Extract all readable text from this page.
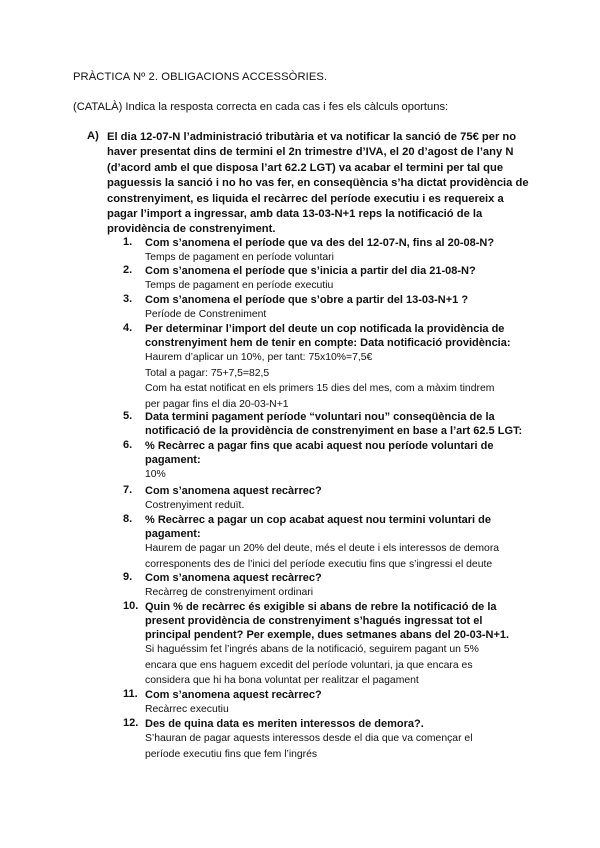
PRÀCTICA Nº 2. OBLIGACIONS ACCESSÒRIES.
(CATALÀ) Indica la resposta correcta en cada cas i fes els càlculs oportuns:
A) El dia 12-07-N l’administració tributària et va notificar la sanció de 75€ per no
haver presentat dins de termini el 2n trimestre d’IVA, el 20 d’agost de l’any N
(d’acord amb el que disposa l’art 62.2 LGT) va acabar el termini per tal que
paguessis la sanció i no ho vas fer, en conseqüència s’ha dictat providència de
constrenyiment, es liquida el recàrrec del període executiu i es requereix a
pagar l’import a ingressar, amb data 13-03-N+1 reps la notificació de la
providència de constrenyiment.
1. Com s’anomena el període que va des del 12-07-N, fins al 20-08-N?
Temps de pagament en període voluntari
2. Com s’anomena el període que s’inicia a partir del dia 21-08-N?
Temps de pagament en període executiu
3. Com s’anomena el període que s’obre a partir del 13-03-N+1 ?
Període de Constreniment
4. Per determinar l’import del deute un cop notificada la providència de
constrenyiment hem de tenir en compte: Data notificació providència:
Haurem d’aplicar un 10%, per tant: 75x10%=7,5€
Total a pagar: 75+7,5=82,5
Com ha estat notificat en els primers 15 dies del mes, com a màxim tindrem
per pagar fins el dia 20-03-N+1
5. Data termini pagament període “voluntari nou” conseqüència de la
notificació de la providència de constrenyiment en base a l’art 62.5 LGT:
6. % Recàrrec a pagar fins que acabi aquest nou període voluntari de
pagament:
10%
7. Com s’anomena aquest recàrrec?
Costrenyiment reduït.
8. % Recàrrec a pagar un cop acabat aquest nou termini voluntari de
pagament:
Haurem de pagar un 20% del deute, més el deute i els interessos de demora
corresponents des de l’inici del període executiu fins que s’ingressi el deute
9. Com s’anomena aquest recàrrec?
Recàrreg de constrenyiment ordinari
10. Quin % de recàrrec és exigible si abans de rebre la notificació de la
present providència de constrenyiment s’hagués ingressat tot el
principal pendent? Per exemple, dues setmanes abans del 20-03-N+1.
Si haguéssim fet l’ingrés abans de la notificació, seguirem pagant un 5%
encara que ens haguem excedit del període voluntari, ja que encara es
considera que hi ha bona voluntat per realitzar el pagament
11. Com s’anomena aquest recàrrec?
Recàrrec executiu
12. Des de quina data es meriten interessos de demora?.
S’hauran de pagar aquests interessos desde el dia que va començar el
període executiu fins que fem l’ingrés
